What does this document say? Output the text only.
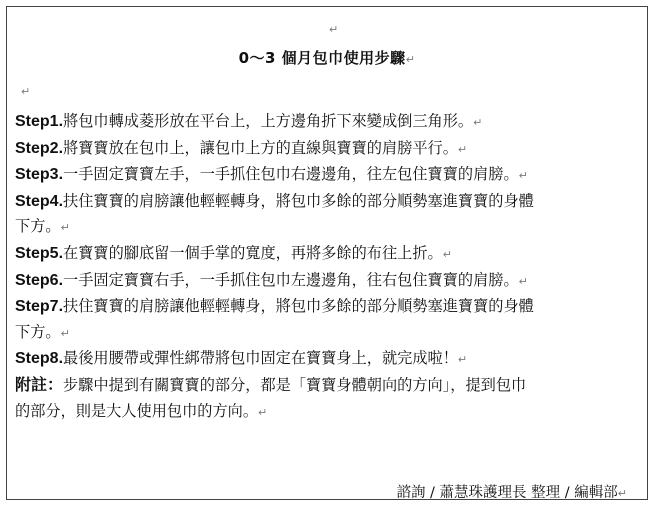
↵
0～3 個月包巾使用步驟↵
↵
Step1.將包巾轉成菱形放在平台上，上方邊角折下來變成倒三角形。↵
Step2.將寶寶放在包巾上，讓包巾上方的直線與寶寶的肩膀平行。↵
Step3.一手固定寶寶左手，一手抓住包巾右邊邊角，往左包住寶寶的肩膀。↵
Step4.扶住寶寶的肩膀讓他輕輕轉身，將包巾多餘的部分順勢塞進寶寶的身體
下方。↵
Step5.在寶寶的腳底留一個手掌的寬度，再將多餘的布往上折。↵
Step6.一手固定寶寶右手，一手抓住包巾左邊邊角，往右包住寶寶的肩膀。↵
Step7.扶住寶寶的肩膀讓他輕輕轉身，將包巾多餘的部分順勢塞進寶寶的身體
下方。↵
Step8.最後用腰帶或彈性綁帶將包巾固定在寶寶身上，就完成啦！↵
附註：步驟中提到有關寶寶的部分，都是「寶寶身體朝向的方向」，提到包巾
的部分，則是大人使用包巾的方向。↵
諮詢 / 蕭慧珠護理長 整理 / 編輯部↵
